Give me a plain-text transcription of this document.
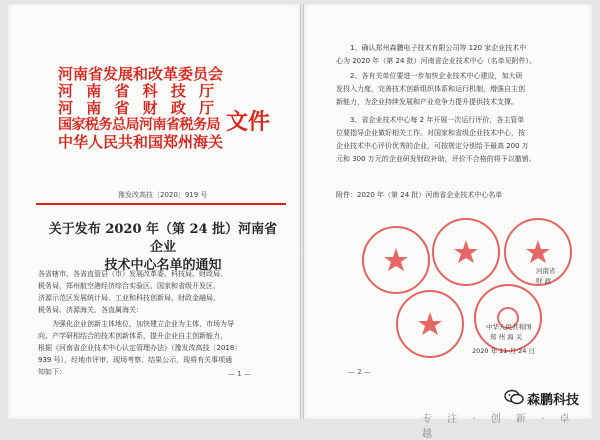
河南省发展和改革委员会
河 南 省 科 技 厅
河 南 省 财 政 厅
国家税务总局河南省税务局
中华人民共和国郑州海关
文件
豫发改高技〔2020〕919 号
关于发布 2020 年（第 24 批）河南省企业
技术中心名单的通知
各省辖市、各省直管县（市）发展改革委、科技局、财政局、
税务局，郑州航空港经济综合实验区、国家和省级开发区、
济源示范区发展统计局、工业和科技创新局、财政金融局、
税务局、济源海关、各直属海关：
为强化企业创新主体地位，加快建立企业为主体、市场为导
向、产学研相结合的技术创新体系，提升企业自主创新能力，
根据《河南省企业技术中心认定管理办法》（豫发改高技〔2018〕
939 号），经地市评审、现场考察、结果公示，现将有关事项通
知如下：	— 1 —
1、确认郑州森鹏电子技术有限公司等 120 家企业技术中
心为 2020 年（第 24 批）河南省企业技术中心（名单见附件）。
2、各有关单位要进一步加快企业技术中心建设，加大研
发投入力度，完善技术创新组织体系和运行机制，增强自主创
新能力，为企业持续发展和产业竞争力提升提供技术支撑。
3、省企业技术中心每 2 年开展一次运行评价，各主管单
位要指导企业做好相关工作。对国家和省级企业技术中心，按
企业技术中心评价优秀的企业，可按规定分别给予最高 200 万
元和 300 万元的企业研发财政补助，评价不合格的将予以撤销。
附件：2020 年（第 24 批）河南省企业技术中心名单
河南省
财 政
中华人民共和国
郑 州 海 关
2020 年 11 月 24 日
— 2 —
森鹏科技
专 注 · 创 新 · 卓 越
